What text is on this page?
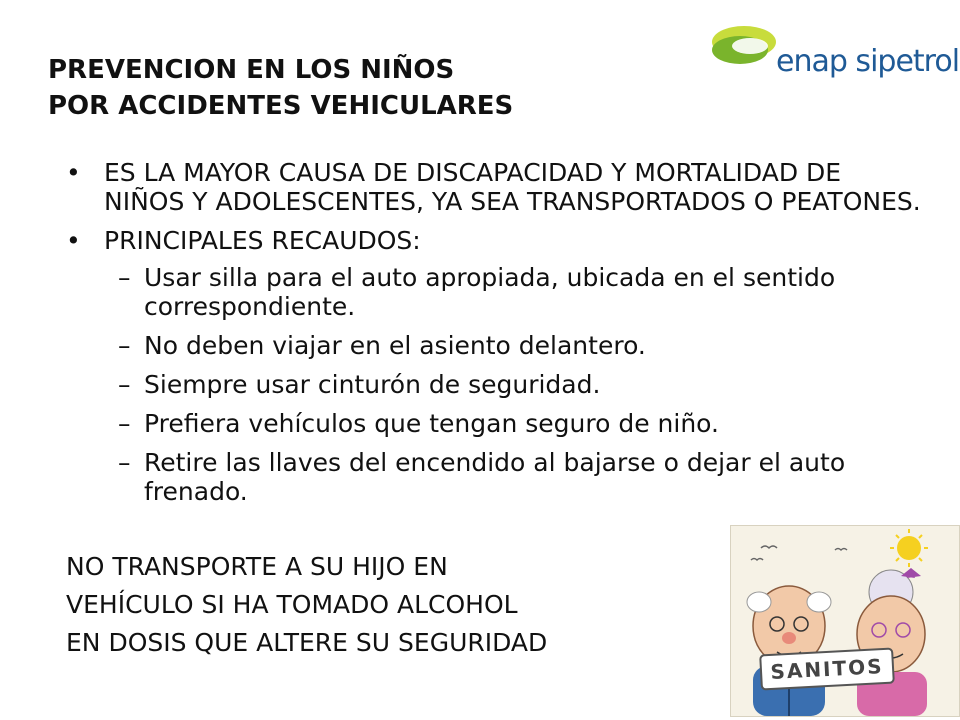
PREVENCION EN LOS NIÑOS
POR ACCIDENTES VEHICULARES
enap sipetrol
• ES LA MAYOR CAUSA DE DISCAPACIDAD Y MORTALIDAD DE NIÑOS Y ADOLESCENTES, YA SEA TRANSPORTADOS O PEATONES.
• PRINCIPALES RECAUDOS:
– Usar silla para el auto apropiada, ubicada en el sentido correspondiente.
– No deben viajar en el asiento delantero.
– Siempre usar cinturón de seguridad.
– Prefiera vehículos que tengan seguro de niño.
– Retire las llaves del encendido al bajarse o dejar el auto frenado.
NO TRANSPORTE A SU HIJO EN
VEHÍCULO SI HA TOMADO ALCOHOL
EN DOSIS QUE ALTERE SU SEGURIDAD
SANITOS
